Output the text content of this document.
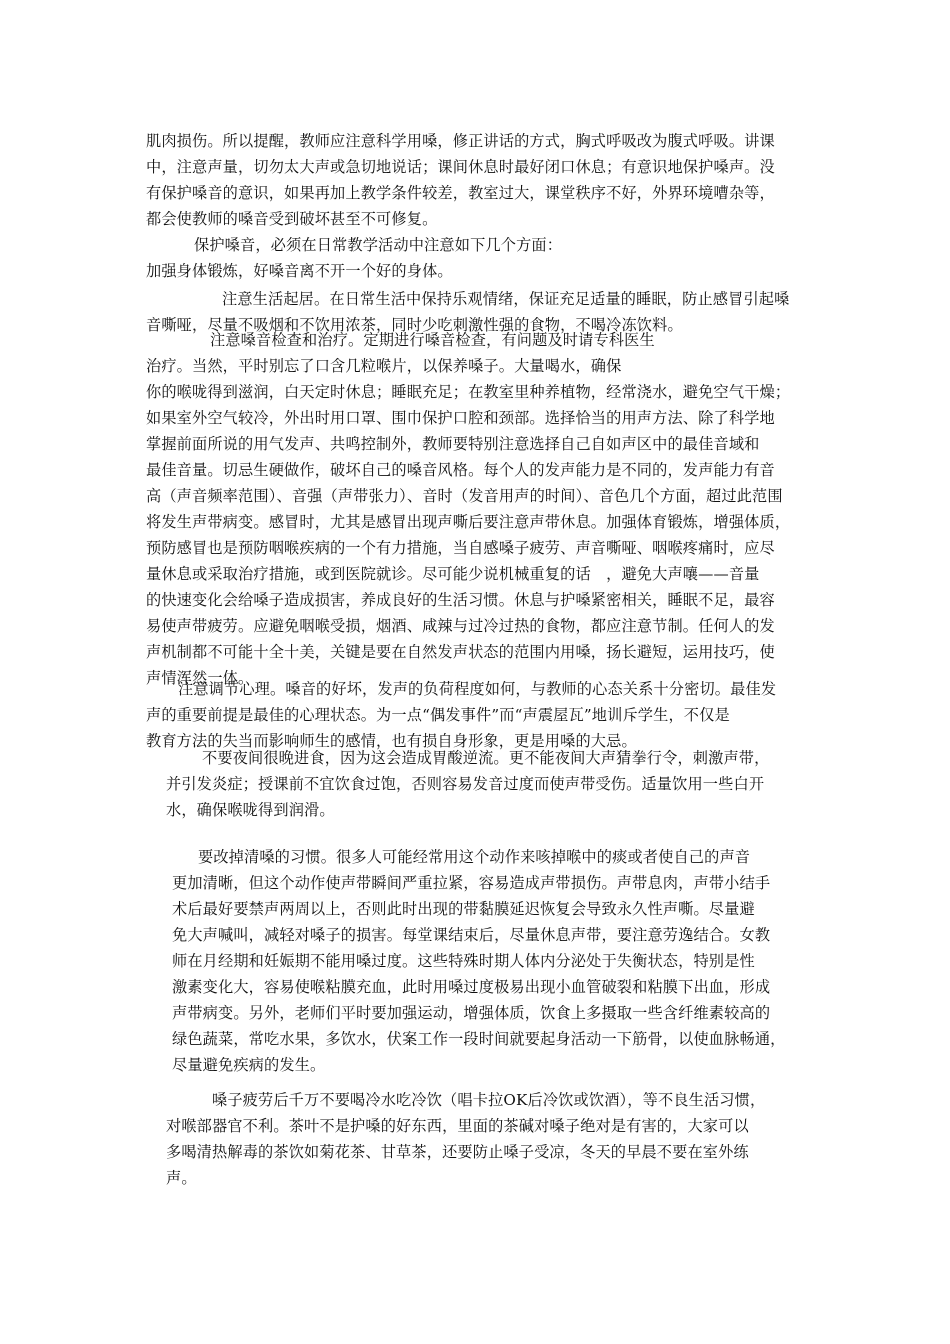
肌肉损伤。所以提醒，教师应注意科学用嗓，修正讲话的方式，胸式呼吸改为腹式呼吸。讲课
中，注意声量，切勿太大声或急切地说话；课间休息时最好闭口休息；有意识地保护嗓声。没
有保护嗓音的意识，如果再加上教学条件较差，教室过大，课堂秩序不好，外界环境嘈杂等，
都会使教师的嗓音受到破坏甚至不可修复。
保护嗓音，必须在日常教学活动中注意如下几个方面：
加强身体锻炼，好嗓音离不开一个好的身体。
注意生活起居。在日常生活中保持乐观情绪，保证充足适量的睡眠，防止感冒引起嗓
音嘶哑，尽量不吸烟和不饮用浓茶，同时少吃刺激性强的食物，不喝冷冻饮料。
注意嗓音检查和治疗。定期进行嗓音检查，有问题及时请专科医生
治疗。当然，平时别忘了口含几粒喉片，以保养嗓子。大量喝水，确保
你的喉咙得到滋润，白天定时休息；睡眠充足；在教室里种养植物，经常浇水，避免空气干燥；
如果室外空气较冷，外出时用口罩、围巾保护口腔和颈部。选择恰当的用声方法、除了科学地
掌握前面所说的用气发声、共鸣控制外，教师要特别注意选择自己自如声区中的最佳音域和
最佳音量。切忌生硬做作，破坏自己的嗓音风格。每个人的发声能力是不同的，发声能力有音
高（声音频率范围）、音强（声带张力）、音时（发音用声的时间）、音色几个方面，超过此范围
将发生声带病变。感冒时，尤其是感冒出现声嘶后要注意声带休息。加强体育锻炼，增强体质，
预防感冒也是预防咽喉疾病的一个有力措施，当自感嗓子疲劳、声音嘶哑、咽喉疼痛时，应尽
量休息或采取治疗措施，或到医院就诊。尽可能少说机械重复的话　，避免大声嚷——音量
的快速变化会给嗓子造成损害，养成良好的生活习惯。休息与护嗓紧密相关，睡眠不足，最容
易使声带疲劳。应避免咽喉受损，烟酒、咸辣与过冷过热的食物，都应注意节制。任何人的发
声机制都不可能十全十美，关键是要在自然发声状态的范围内用嗓，扬长避短，运用技巧，使
声情浑然一体。
注意调节心理。嗓音的好坏，发声的负荷程度如何，与教师的心态关系十分密切。最佳发
声的重要前提是最佳的心理状态。为一点“偶发事件”而“声震屋瓦”地训斥学生，不仅是
教育方法的失当而影响师生的感情，也有损自身形象，更是用嗓的大忌。
不要夜间很晚进食，因为这会造成胃酸逆流。更不能夜间大声猜拳行令，刺激声带，
并引发炎症；授课前不宜饮食过饱，否则容易发音过度而使声带受伤。适量饮用一些白开
水，确保喉咙得到润滑。
要改掉清嗓的习惯。很多人可能经常用这个动作来咳掉喉中的痰或者使自己的声音
更加清晰，但这个动作使声带瞬间严重拉紧，容易造成声带损伤。声带息肉，声带小结手
术后最好要禁声两周以上，否则此时出现的带黏膜延迟恢复会导致永久性声嘶。尽量避
免大声喊叫，减轻对嗓子的损害。每堂课结束后，尽量休息声带，要注意劳逸结合。女教
师在月经期和妊娠期不能用嗓过度。这些特殊时期人体内分泌处于失衡状态，特别是性
激素变化大，容易使喉粘膜充血，此时用嗓过度极易出现小血管破裂和粘膜下出血，形成
声带病变。另外，老师们平时要加强运动，增强体质，饮食上多摄取一些含纤维素较高的
绿色蔬菜，常吃水果，多饮水，伏案工作一段时间就要起身活动一下筋骨，以使血脉畅通，
尽量避免疾病的发生。
嗓子疲劳后千万不要喝冷水吃冷饮（唱卡拉OK后冷饮或饮酒），等不良生活习惯，
对喉部器官不利。茶叶不是护嗓的好东西，里面的茶碱对嗓子绝对是有害的，大家可以
多喝清热解毒的茶饮如菊花茶、甘草茶，还要防止嗓子受凉，冬天的早晨不要在室外练
声。
